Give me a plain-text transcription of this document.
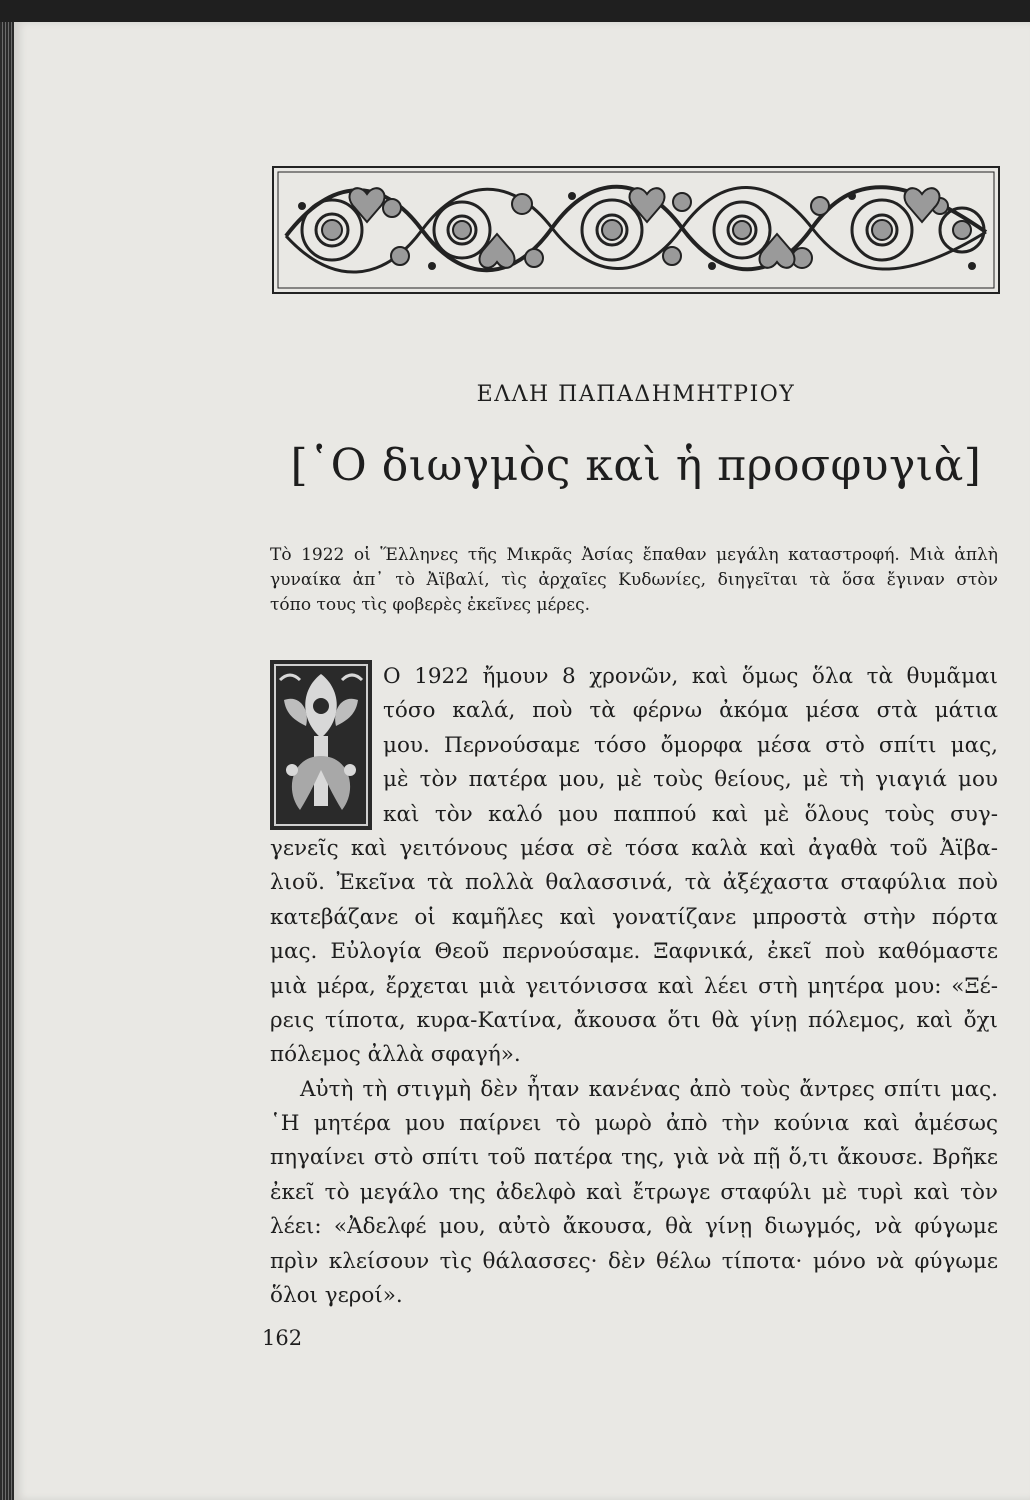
ΕΛΛΗ ΠΑΠΑΔΗΜΗΤΡΙΟΥ
[῾Ο διωγμὸς καὶ ἡ προσφυγιὰ]
Τὸ 1922 οἱ Ἕλληνες τῆς Μικρᾶς Ἀσίας ἔπαθαν μεγάλη καταστροφή. Μιὰ ἁπλὴ
γυναίκα ἀπ᾽ τὸ Ἀϊβαλί, τὶς ἀρχαῖες Κυδωνίες, διηγεῖται τὰ ὅσα ἔγιναν στὸν
τόπο τους τὶς φοβερὲς ἐκεῖνες μέρες.
Ο 1922 ἤμουν 8 χρονῶν, καὶ ὅμως ὅλα τὰ θυμᾶμαι
τόσο καλά, ποὺ τὰ φέρνω ἀκόμα μέσα στὰ μάτια
μου. Περνούσαμε τόσο ὄμορφα μέσα στὸ σπίτι μας,
μὲ τὸν πατέρα μου, μὲ τοὺς θείους, μὲ τὴ γιαγιά μου
καὶ τὸν καλό μου παππού καὶ μὲ ὅλους τοὺς συγ-
γενεῖς καὶ γειτόνους μέσα σὲ τόσα καλὰ καὶ ἀγαθὰ τοῦ Ἀϊβα-
λιοῦ. Ἐκεῖνα τὰ πολλὰ θαλασσινά, τὰ ἀξέχαστα σταφύλια ποὺ
κατεβάζανε οἱ καμῆλες καὶ γονατίζανε μπροστὰ στὴν πόρτα
μας. Εὐλογία Θεοῦ περνούσαμε. Ξαφνικά, ἐκεῖ ποὺ καθόμαστε
μιὰ μέρα, ἔρχεται μιὰ γειτόνισσα καὶ λέει στὴ μητέρα μου: «Ξέ-
ρεις τίποτα, κυρα-Κατίνα, ἄκουσα ὅτι θὰ γίνῃ πόλεμος, καὶ ὄχι
πόλεμος ἀλλὰ σφαγή».
Αὐτὴ τὴ στιγμὴ δὲν ἦταν κανένας ἀπὸ τοὺς ἄντρες σπίτι μας.
῾Η μητέρα μου παίρνει τὸ μωρὸ ἀπὸ τὴν κούνια καὶ ἀμέσως
πηγαίνει στὸ σπίτι τοῦ πατέρα της, γιὰ νὰ πῇ ὅ,τι ἄκουσε. Βρῆκε
ἐκεῖ τὸ μεγάλο της ἀδελφὸ καὶ ἔτρωγε σταφύλι μὲ τυρὶ καὶ τὸν
λέει: «Ἀδελφέ μου, αὐτὸ ἄκουσα, θὰ γίνῃ διωγμός, νὰ φύγωμε
πρὶν κλείσουν τὶς θάλασσες· δὲν θέλω τίποτα· μόνο νὰ φύγωμε
ὅλοι γεροί».
162
